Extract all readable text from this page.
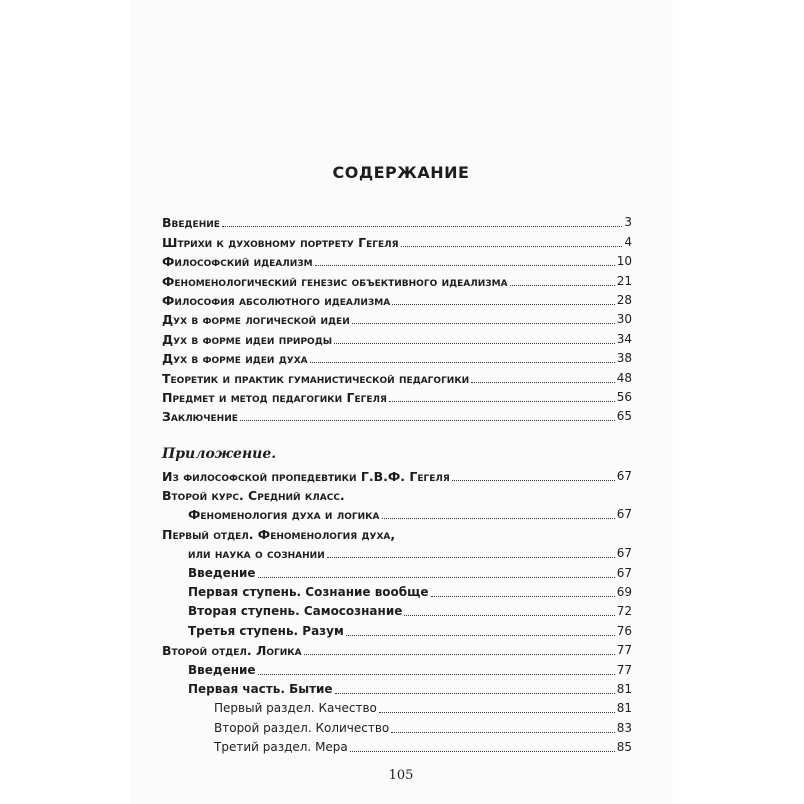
СОДЕРЖАНИЕ
Введение	3
Штрихи к духовному портрету Гегеля	4
Философский идеализм	10
Феноменологический генезис объективного идеализма	21
Философия абсолютного идеализма	28
Дух в форме логической идеи	30
Дух в форме идеи природы	34
Дух в форме идеи духа	38
Теоретик и практик гуманистической педагогики	48
Предмет и метод педагогики Гегеля	56
Заключение	65
Приложение.
Из философской пропедевтики Г.В.Ф. Гегеля	67
Второй курс. Средний класс.
Феноменология духа и логика	67
Первый отдел. Феноменология духа,
или наука о сознании	67
Введение	67
Первая ступень. Сознание вообще	69
Вторая ступень. Самосознание	72
Третья ступень. Разум	76
Второй отдел. Логика	77
Введение	77
Первая часть. Бытие	81
Первый раздел. Качество	81
Второй раздел. Количество	83
Третий раздел. Мера	85
105
